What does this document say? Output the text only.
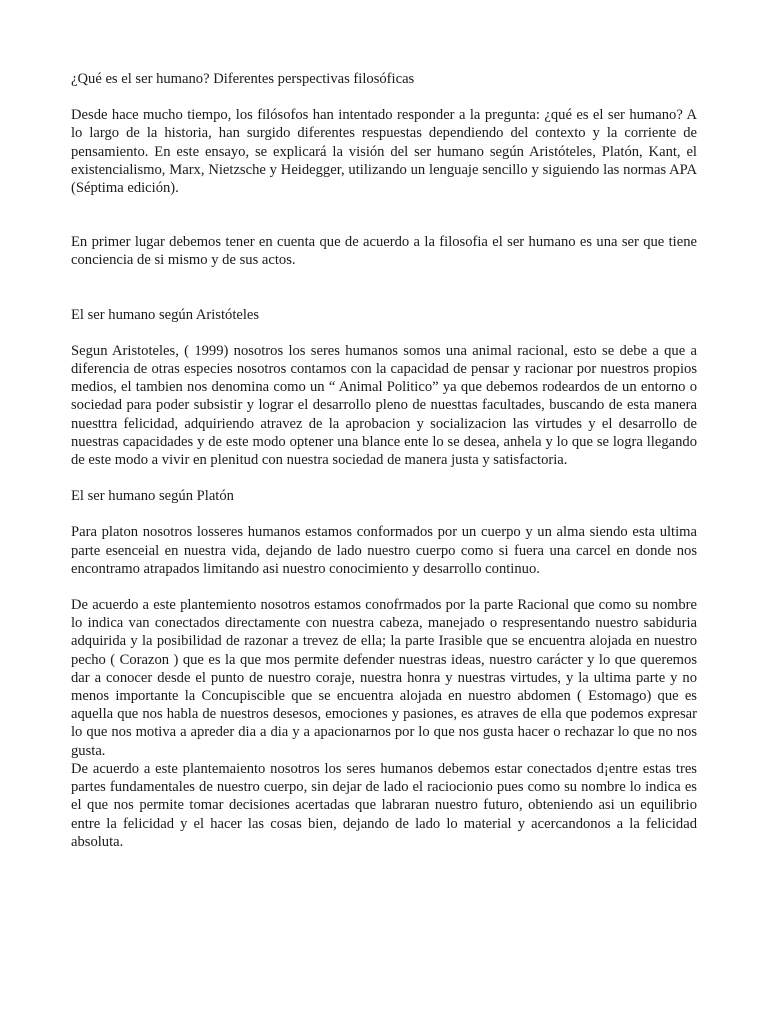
¿Qué es el ser humano? Diferentes perspectivas filosóficas

Desde hace mucho tiempo, los filósofos han intentado responder a la pregunta: ¿qué es el ser humano? A lo largo de la historia, han surgido diferentes respuestas dependiendo del contexto y la corriente de pensamiento. En este ensayo, se explicará la visión del ser humano según Aristóteles, Platón, Kant, el existencialismo, Marx, Nietzsche y Heidegger, utilizando un lenguaje sencillo y siguiendo las normas APA (Séptima edición).

En primer lugar debemos tener en cuenta que de acuerdo a la filosofia el ser humano es una ser que tiene conciencia de si mismo y de sus actos.

El ser humano según Aristóteles

Segun Aristoteles, ( 1999) nosotros los seres humanos somos una animal racional, esto se debe a que a diferencia de otras especies nosotros contamos con la capacidad de pensar y racionar por nuestros propios medios, el tambien nos denomina como un “ Animal Politico” ya que debemos rodeardos de un entorno o sociedad para poder subsistir y lograr el desarrollo pleno de nuesttas facultades, buscando de esta manera nuesttra felicidad, adquiriendo atravez de la aprobacion y socializacion las virtudes y el desarrollo de nuestras capacidades y de este modo optener una blance ente lo se desea, anhela y lo que se logra llegando de este modo a vivir en plenitud con nuestra sociedad de manera justa y satisfactoria.

El ser humano según Platón

Para platon nosotros losseres humanos estamos conformados por un cuerpo y un alma siendo esta ultima parte esenceial en nuestra vida, dejando de lado nuestro cuerpo como si fuera una carcel en donde nos encontramo atrapados limitando asi nuestro conocimiento y desarrollo continuo.

De acuerdo a este plantemiento nosotros estamos conofrmados por la parte Racional que como su nombre lo indica van conectados directamente con nuestra cabeza, manejado o respresentando nuestro sabiduria adquirida y la posibilidad de razonar a trevez de ella; la parte Irasible que se encuentra alojada en nuestro pecho ( Corazon ) que es la que mos permite defender nuestras ideas, nuestro carácter y lo que queremos dar a conocer desde el punto de nuestro coraje, nuestra honra y nuestras virtudes, y la ultima parte y no menos importante la Concupiscible que se encuentra alojada en nuestro abdomen ( Estomago) que es aquella que nos habla de nuestros desesos, emociones y pasiones, es atraves de ella que podemos expresar lo que nos motiva a apreder dia a dia y a apacionarnos por lo que nos gusta hacer o rechazar lo que no nos gusta.

De acuerdo a este plantemaiento nosotros los seres humanos debemos estar conectados d¡entre estas tres partes fundamentales de nuestro cuerpo, sin dejar de lado el raciocionio pues como su nombre lo indica es el que nos permite tomar decisiones acertadas que labraran nuestro futuro, obteniendo asi un equilibrio entre la felicidad y el hacer las cosas bien, dejando de lado lo material y acercandonos a la felicidad absoluta.
